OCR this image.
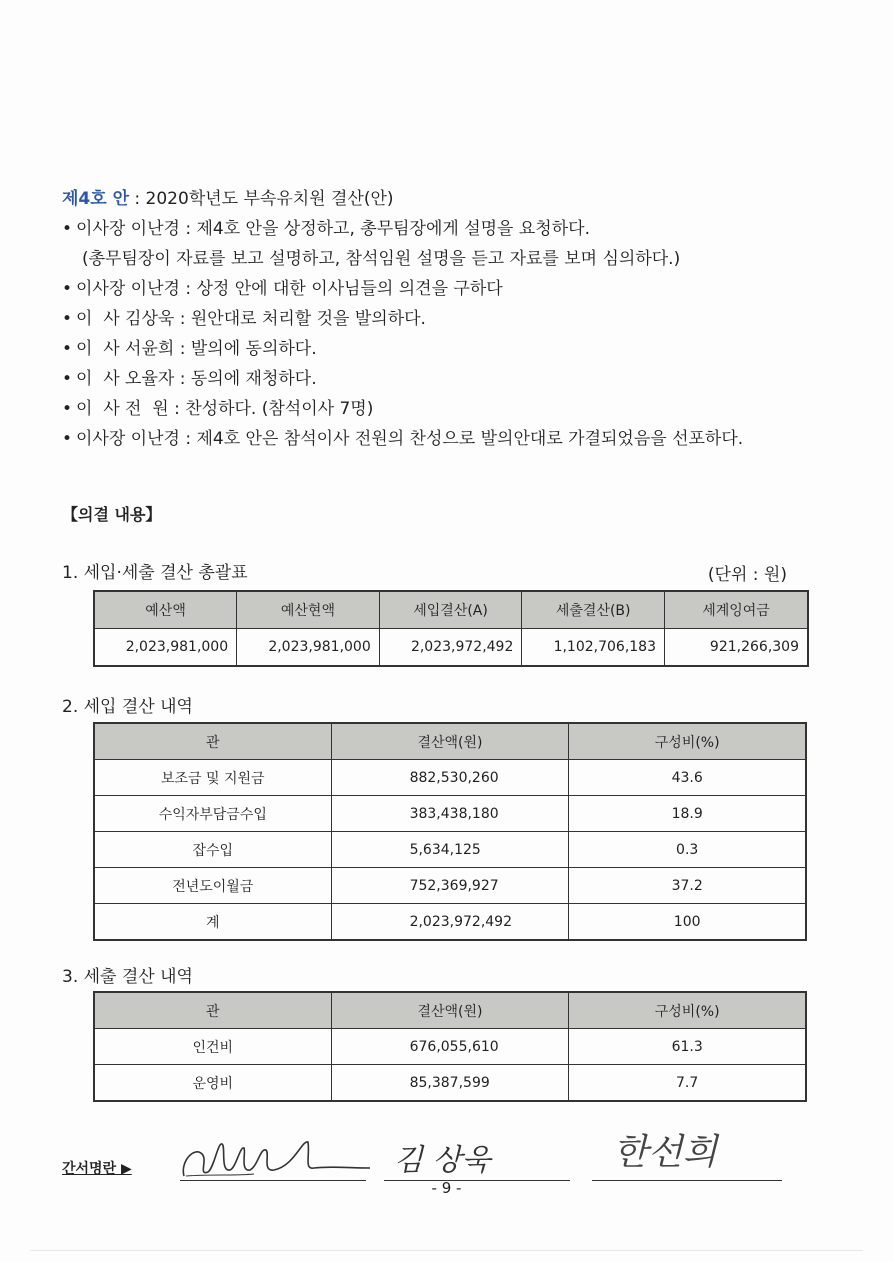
제4호 안 : 2020학년도 부속유치원 결산(안)
• 이사장 이난경 : 제4호 안을 상정하고, 총무팀장에게 설명을 요청하다.
(총무팀장이 자료를 보고 설명하고, 참석임원 설명을 듣고 자료를 보며 심의하다.)
• 이사장 이난경 : 상정 안에 대한 이사님들의 의견을 구하다
• 이  사 김상욱 : 원안대로 처리할 것을 발의하다.
• 이  사 서윤희 : 발의에 동의하다.
• 이  사 오율자 : 동의에 재청하다.
• 이  사 전  원 : 찬성하다. (참석이사 7명)
• 이사장 이난경 : 제4호 안은 참석이사 전원의 찬성으로 발의안대로 가결되었음을 선포하다.
【의결 내용】
1. 세입·세출 결산 총괄표	(단위 : 원)
예산액	예산현액	세입결산(A)	세출결산(B)	세계잉여금
2,023,981,000	2,023,981,000	2,023,972,492	1,102,706,183	921,266,309
2. 세입 결산 내역
관	결산액(원)	구성비(%)
보조금 및 지원금	882,530,260	43.6
수익자부담금수입	383,438,180	18.9
잡수입	5,634,125	0.3
전년도이월금	752,369,927	37.2
계	2,023,972,492	100
3. 세출 결산 내역
관	결산액(원)	구성비(%)
인건비	676,055,610	61.3
운영비	85,387,599	7.7
간서명란 ▶	김 상욱	한선희
- 9 -
